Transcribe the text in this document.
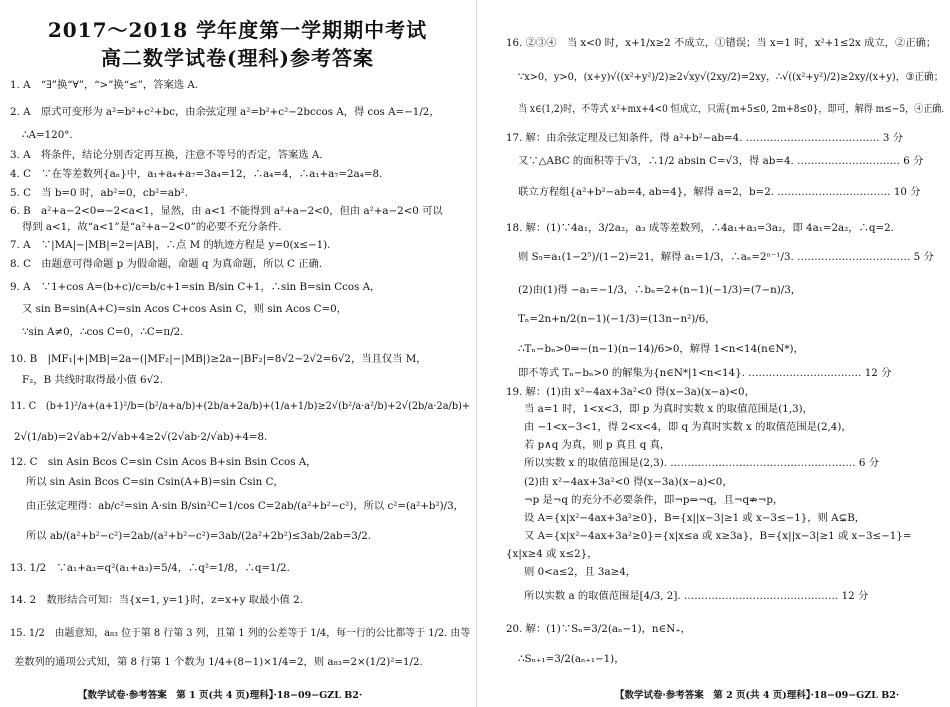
2017～2018 学年度第一学期期中考试
高二数学试卷(理科)参考答案
1. A　“∃”换“∀”，“>”换“≤”，答案选 A.
2. A　原式可变形为 a²=b²+c²+bc，由余弦定理 a²=b²+c²−2bccos A，得 cos A=−1/2，
∴A=120°.
3. A　将条件，结论分别否定再互换，注意不等号的否定，答案选 A.
4. C　∵在等差数列{aₙ}中，a₁+a₄+a₇=3a₄=12，∴a₄=4，∴a₁+a₇=2a₄=8.
5. C　当 b=0 时，ab²=0，cb²=ab².
6. B　a²+a−2<0⇔−2<a<1，显然，由 a<1 不能得到 a²+a−2<0，但由 a²+a−2<0 可以
得到 a<1，故“a<1”是“a²+a−2<0”的必要不充分条件.
7. A　∵|MA|−|MB|=2=|AB|，∴点 M 的轨迹方程是 y=0(x≤−1).
8. C　由题意可得命题 p 为假命题，命题 q 为真命题，所以 C 正确.
9. A　∵1+cos A=(b+c)/c=b/c+1=sin B/sin C+1，∴sin B=sin Ccos A，
又 sin B=sin(A+C)=sin Acos C+cos Asin C，则 sin Acos C=0，
∵sin A≠0，∴cos C=0，∴C=π/2.
10. B　|MF₁|+|MB|=2a−(|MF₂|−|MB|)≥2a−|BF₂|=8√2−2√2=6√2，当且仅当 M，
F₂，B 共线时取得最小值 6√2.
11. C　(b+1)²/a+(a+1)²/b=(b²/a+a/b)+(2b/a+2a/b)+(1/a+1/b)≥2√(b²/a·a²/b)+2√(2b/a·2a/b)+
2√(1/ab)=2√ab+2/√ab+4≥2√(2√ab·2/√ab)+4=8.
12. C　sin Asin Bcos C=sin Csin Acos B+sin Bsin Ccos A，
所以 sin Asin Bcos C=sin Csin(A+B)=sin Csin C，
由正弦定理得：ab/c²=sin A·sin B/sin²C=1/cos C=2ab/(a²+b²−c²)，所以 c²=(a²+b²)/3，
所以 ab/(a²+b²−c²)=2ab/(a²+b²−c²)=3ab/(2a²+2b²)≤3ab/2ab=3/2.
13. 1/2　∵a₁+a₃=q²(a₁+a₃)=5/4，∴q²=1/8，∴q=1/2.
14. 2　数形结合可知：当{x=1, y=1}时，z=x+y 取最小值 2.
15. 1/2　由题意知，a₈₃ 位于第 8 行第 3 列，且第 1 列的公差等于 1/4，每一行的公比都等于 1/2. 由等
差数列的通项公式知，第 8 行第 1 个数为 1/4+(8−1)×1/4=2，则 a₈₃=2×(1/2)²=1/2.
16. ②③④　当 x<0 时，x+1/x≥2 不成立，①错误；当 x=1 时，x²+1≤2x 成立，②正确；
∵x>0，y>0，(x+y)√((x²+y²)/2)≥2√xy√(2xy/2)=2xy，∴√((x²+y²)/2)≥2xy/(x+y)，③正确；
当 x∈(1,2)时，不等式 x²+mx+4<0 恒成立，只需{m+5≤0, 2m+8≤0}，即可，解得 m≤−5，④正确.
17. 解：由余弦定理及已知条件，得 a²+b²−ab=4. ………………………………… 3 分
又∵△ABC 的面积等于√3，∴1/2 absin C=√3，得 ab=4. ………………………… 6 分
联立方程组{a²+b²−ab=4, ab=4}，解得 a=2，b=2. …………………………… 10 分
18. 解：(1)∵4a₁，3/2a₂，a₃ 成等差数列，∴4a₁+a₃=3a₂，即 4a₁=2a₂，∴q=2.
则 S₅=a₁(1−2⁵)/(1−2)=21，解得 a₁=1/3，∴aₙ=2ⁿ⁻¹/3. …………………………… 5 分
(2)由(1)得 −a₁=−1/3，∴bₙ=2+(n−1)(−1/3)=(7−n)/3，
Tₙ=2n+n/2(n−1)(−1/3)=(13n−n²)/6，
∴Tₙ−bₙ>0⇒−(n−1)(n−14)/6>0，解得 1<n<14(n∈N*)，
即不等式 Tₙ−bₙ>0 的解集为{n∈N*|1<n<14}. …………………………… 12 分
19. 解：(1)由 x²−4ax+3a²<0 得(x−3a)(x−a)<0，
当 a=1 时，1<x<3，即 p 为真时实数 x 的取值范围是(1,3)，
由 −1<x−3<1，得 2<x<4，即 q 为真时实数 x 的取值范围是(2,4)，
若 p∧q 为真，则 p 真且 q 真，
所以实数 x 的取值范围是(2,3). ……………………………………………… 6 分
(2)由 x²−4ax+3a²<0 得(x−3a)(x−a)<0，
¬p 是¬q 的充分不必要条件，即¬p⇒¬q，且¬q⇏¬p，
设 A={x|x²−4ax+3a²≥0}，B={x||x−3|≥1 或 x−3≤−1}，则 A⊊B，
又 A={x|x²−4ax+3a²≥0}={x|x≤a 或 x≥3a}，B={x||x−3|≥1 或 x−3≤−1}=
{x|x≥4 或 x≤2}，
则 0<a≤2，且 3a≥4，
所以实数 a 的取值范围是[4/3, 2]. ……………………………………… 12 分
20. 解：(1)∵Sₙ=3/2(aₙ−1)，n∈N₊，
∴Sₙ₊₁=3/2(aₙ₊₁−1)，
【数学试卷·参考答案　第 1 页(共 4 页)理科】·18−09−GZL B2·	【数学试卷·参考答案　第 2 页(共 4 页)理科】·18−09−GZL B2·
